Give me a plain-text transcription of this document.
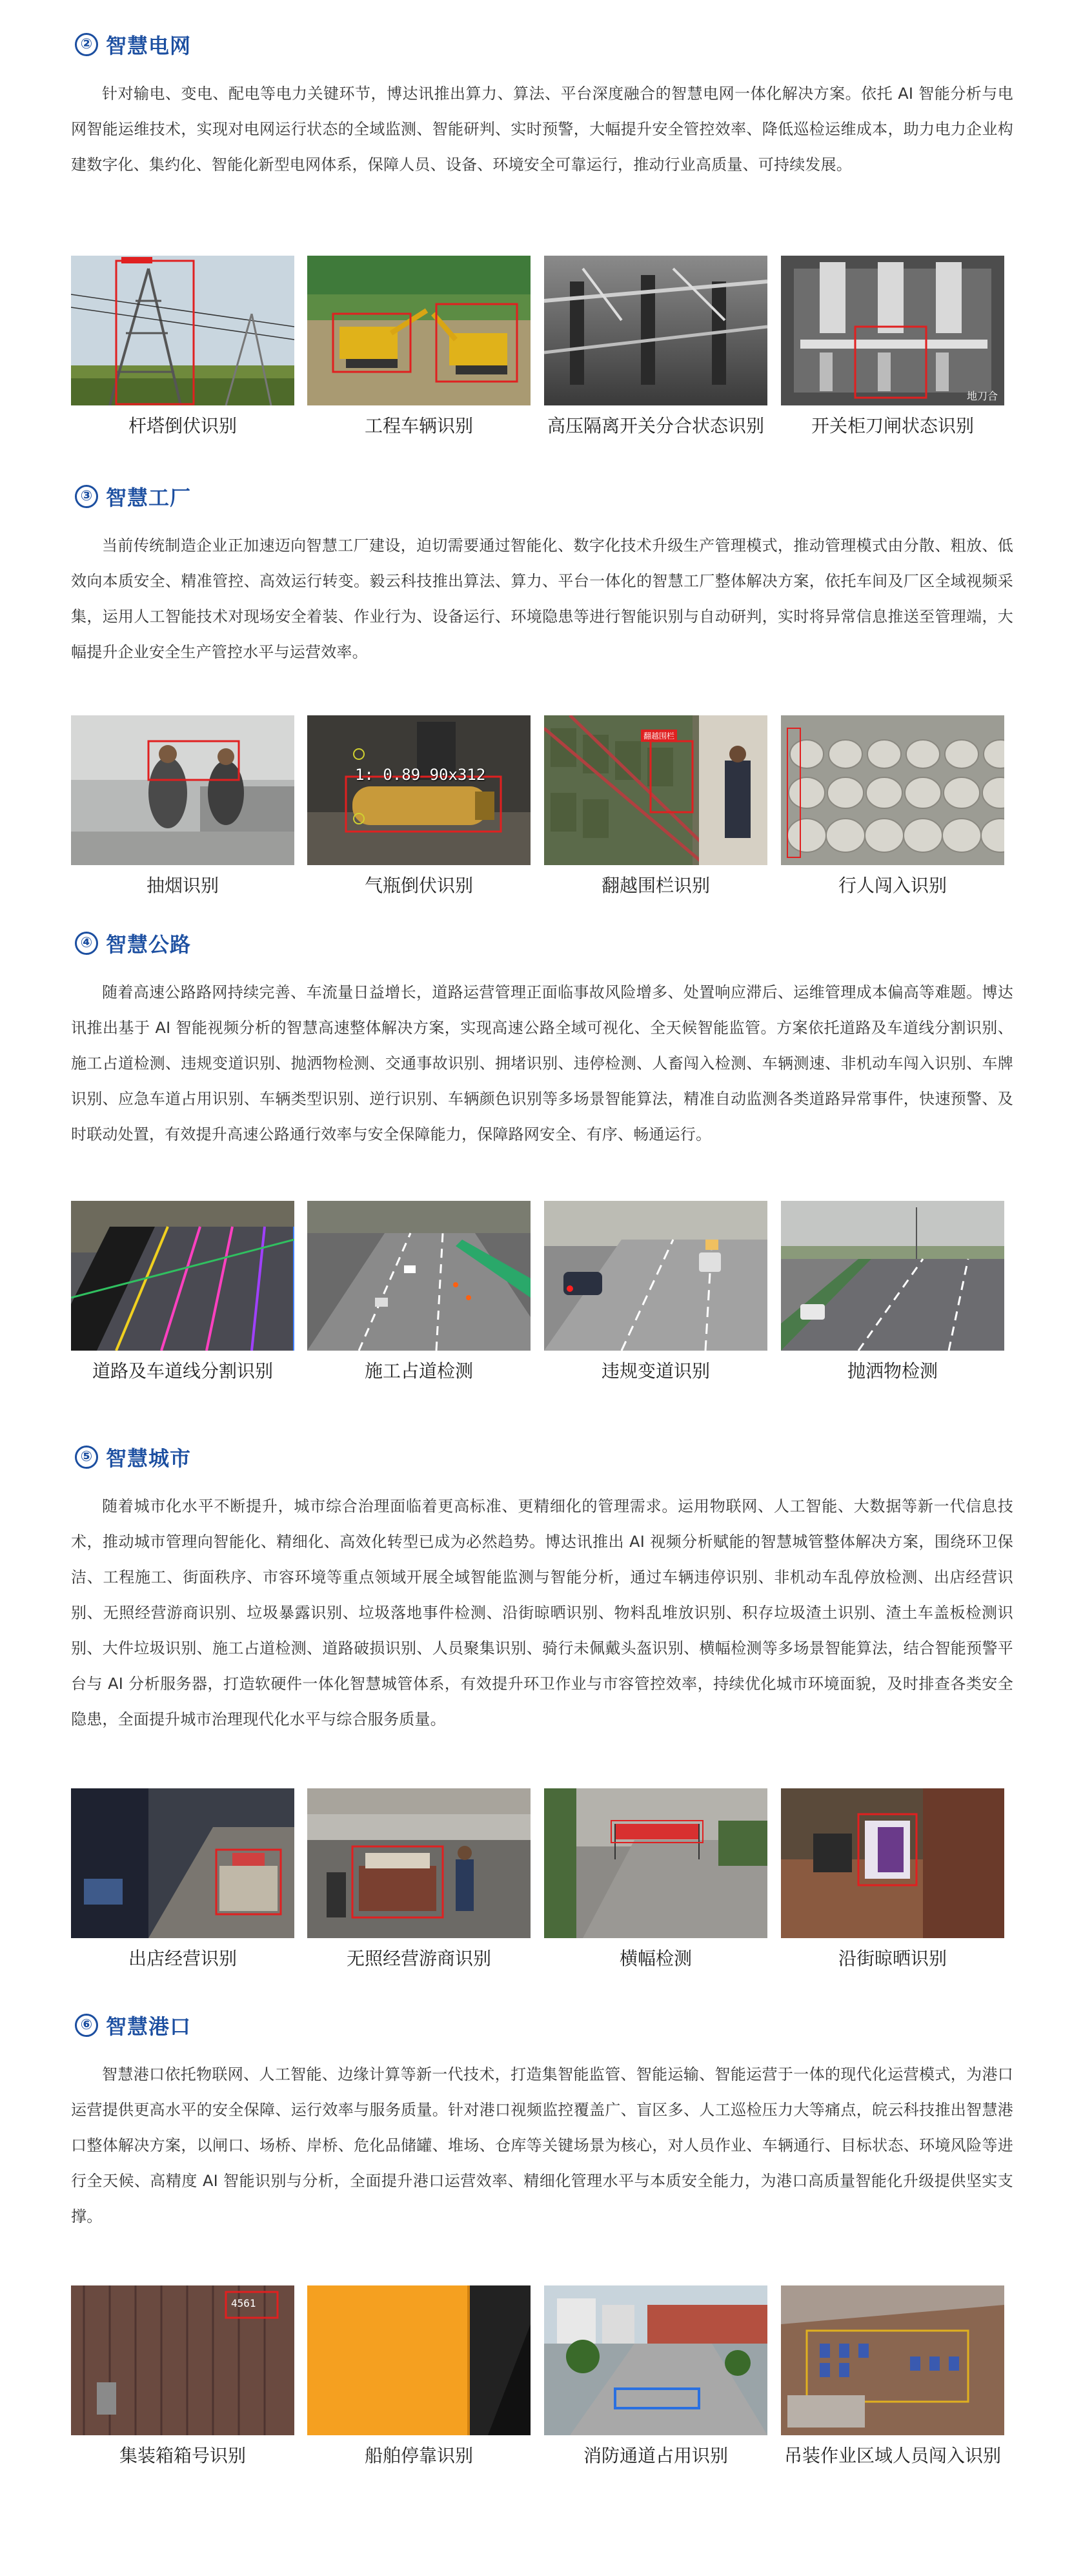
② 智慧电网

针对输电、变电、配电等电力关键环节，博达讯推出算力、算法、平台深度融合的智慧电网一体化解决方案。依托 AI 智能分析与电网智能运维技术，实现对电网运行状态的全域监测、智能研判、实时预警，大幅提升安全管控效率、降低巡检运维成本，助力电力企业构建数字化、集约化、智能化新型电网体系，保障人员、设备、环境安全可靠运行，推动行业高质量、可持续发展。

杆塔倒伏识别	工程车辆识别	高压隔离开关分合状态识别
地刀合
开关柜刀闸状态识别
③ 智慧工厂

当前传统制造企业正加速迈向智慧工厂建设，迫切需要通过智能化、数字化技术升级生产管理模式，推动管理模式由分散、粗放、低效向本质安全、精准管控、高效运行转变。毅云科技推出算法、算力、平台一体化的智慧工厂整体解决方案，依托车间及厂区全域视频采集，运用人工智能技术对现场安全着装、作业行为、设备运行、环境隐患等进行智能识别与自动研判，实时将异常信息推送至管理端，大幅提升企业安全生产管控水平与运营效率。

抽烟识别
1: 0.89 90x312
气瓶倒伏识别
翻越围栏
翻越围栏识别	行人闯入识别
④ 智慧公路

随着高速公路路网持续完善、车流量日益增长，道路运营管理正面临事故风险增多、处置响应滞后、运维管理成本偏高等难题。博达讯推出基于 AI 智能视频分析的智慧高速整体解决方案，实现高速公路全域可视化、全天候智能监管。方案依托道路及车道线分割识别、施工占道检测、违规变道识别、抛洒物检测、交通事故识别、拥堵识别、违停检测、人畜闯入检测、车辆测速、非机动车闯入识别、车牌识别、应急车道占用识别、车辆类型识别、逆行识别、车辆颜色识别等多场景智能算法，精准自动监测各类道路异常事件，快速预警、及时联动处置，有效提升高速公路通行效率与安全保障能力，保障路网安全、有序、畅通运行。

道路及车道线分割识别	施工占道检测	违规变道识别	抛洒物检测
⑤ 智慧城市

随着城市化水平不断提升，城市综合治理面临着更高标准、更精细化的管理需求。运用物联网、人工智能、大数据等新一代信息技术，推动城市管理向智能化、精细化、高效化转型已成为必然趋势。博达讯推出 AI 视频分析赋能的智慧城管整体解决方案，围绕环卫保洁、工程施工、街面秩序、市容环境等重点领域开展全域智能监测与智能分析，通过车辆违停识别、非机动车乱停放检测、出店经营识别、无照经营游商识别、垃圾暴露识别、垃圾落地事件检测、沿街晾晒识别、物料乱堆放识别、积存垃圾渣土识别、渣土车盖板检测识别、大件垃圾识别、施工占道检测、道路破损识别、人员聚集识别、骑行未佩戴头盔识别、横幅检测等多场景智能算法，结合智能预警平台与 AI 分析服务器，打造软硬件一体化智慧城管体系，有效提升环卫作业与市容管控效率，持续优化城市环境面貌，及时排查各类安全隐患，全面提升城市治理现代化水平与综合服务质量。

出店经营识别	无照经营游商识别	横幅检测	沿街晾晒识别
⑥ 智慧港口

智慧港口依托物联网、人工智能、边缘计算等新一代技术，打造集智能监管、智能运输、智能运营于一体的现代化运营模式，为港口运营提供更高水平的安全保障、运行效率与服务质量。针对港口视频监控覆盖广、盲区多、人工巡检压力大等痛点，皖云科技推出智慧港口整体解决方案，以闸口、场桥、岸桥、危化品储罐、堆场、仓库等关键场景为核心，对人员作业、车辆通行、目标状态、环境风险等进行全天候、高精度 AI 智能识别与分析，全面提升港口运营效率、精细化管理水平与本质安全能力，为港口高质量智能化升级提供坚实支撑。

4561
集装箱箱号识别	船舶停靠识别	消防通道占用识别	吊装作业区域人员闯入识别
